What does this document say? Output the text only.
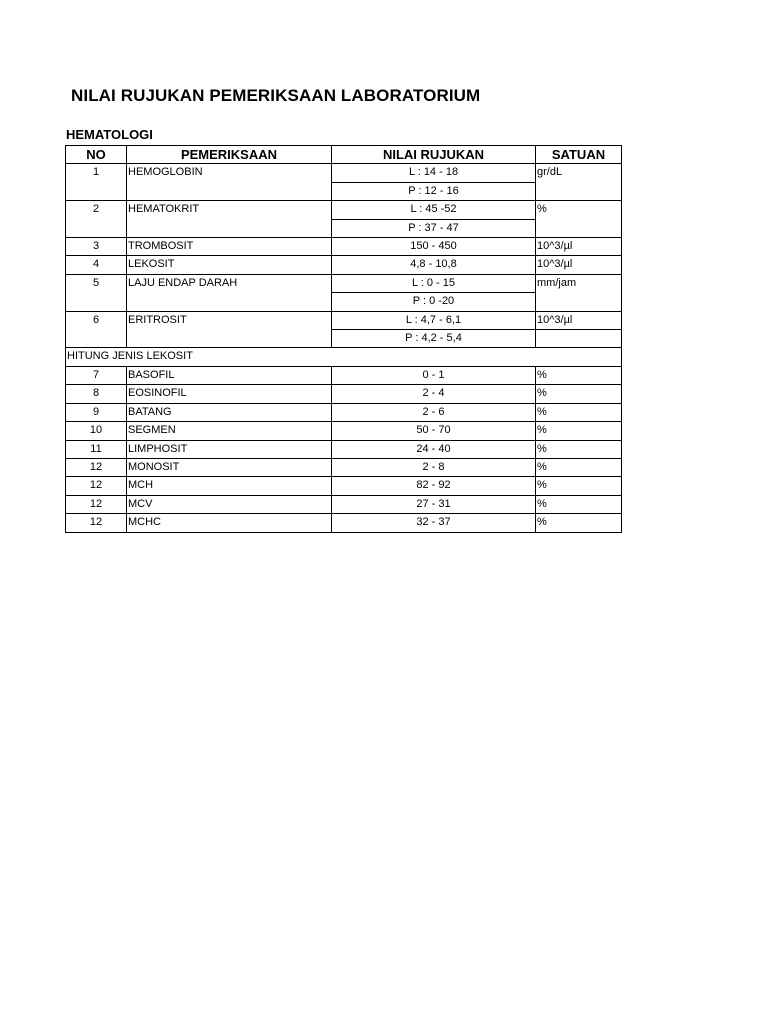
NILAI RUJUKAN PEMERIKSAAN LABORATORIUM
HEMATOLOGI
NO	PEMERIKSAAN	NILAI RUJUKAN	SATUAN
1	HEMOGLOBIN	L : 14 - 18	gr/dL
		P : 12 - 16	
2	HEMATOKRIT	L : 45 -52	%
		P : 37 - 47	
3	TROMBOSIT	150 - 450	10^3/µl
4	LEKOSIT	4,8 - 10,8	10^3/µl
5	LAJU ENDAP DARAH	L : 0 - 15	mm/jam
		P : 0 -20	
6	ERITROSIT	L : 4,7 - 6,1	10^3/µl
		P : 4,2 - 5,4	
HITUNG JENIS LEKOSIT			
7	BASOFIL	0 - 1	%
8	EOSINOFIL	2 - 4	%
9	BATANG	2 - 6	%
10	SEGMEN	50 - 70	%
11	LIMPHOSIT	24 - 40	%
12	MONOSIT	2 - 8	%
12	MCH	82 - 92	%
12	MCV	27 - 31	%
12	MCHC	32 - 37	%
